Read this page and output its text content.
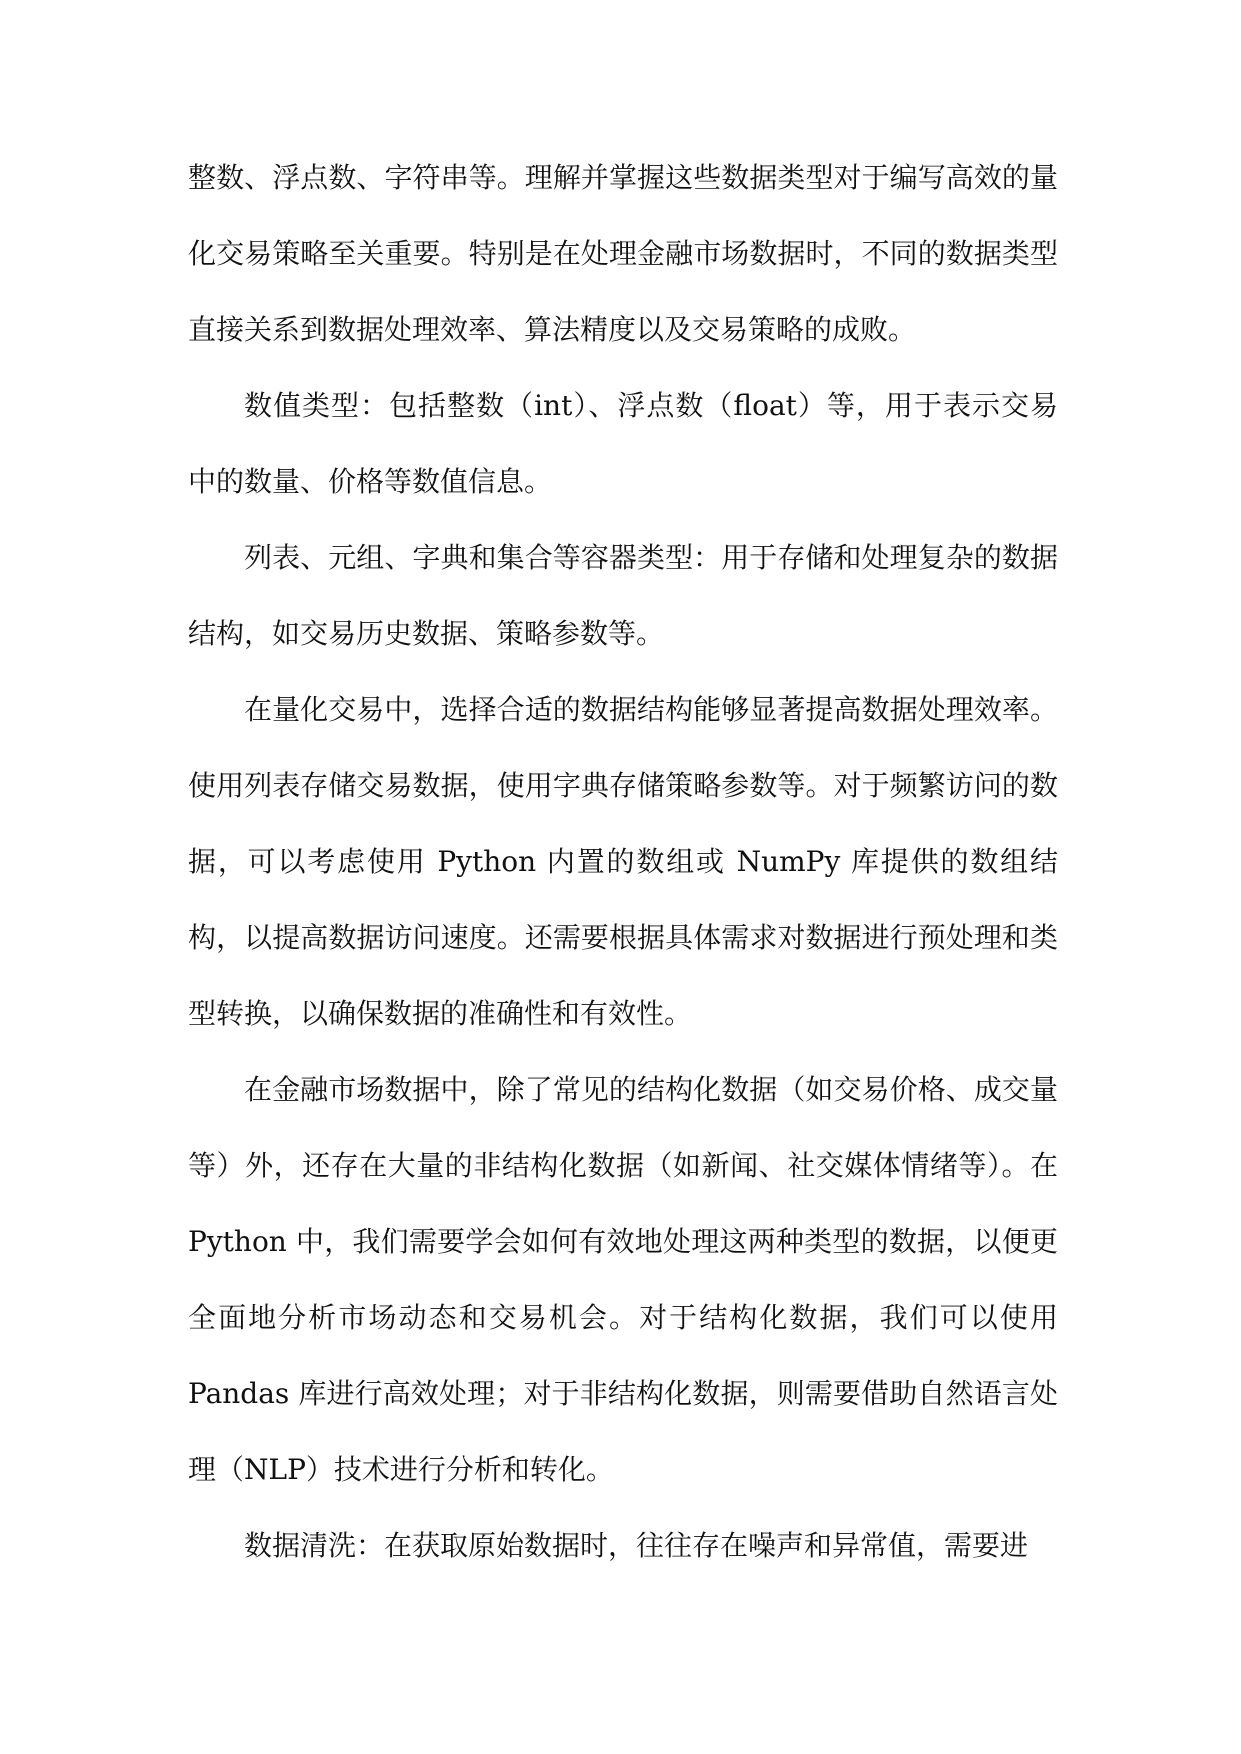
整数、浮点数、字符串等。理解并掌握这些数据类型对于编写高效的量化交易策略至关重要。特别是在处理金融市场数据时，不同的数据类型直接关系到数据处理效率、算法精度以及交易策略的成败。

数值类型：包括整数（int）、浮点数（float）等，用于表示交易中的数量、价格等数值信息。

列表、元组、字典和集合等容器类型：用于存储和处理复杂的数据结构，如交易历史数据、策略参数等。

在量化交易中，选择合适的数据结构能够显著提高数据处理效率。使用列表存储交易数据，使用字典存储策略参数等。对于频繁访问的数据，可以考虑使用 Python 内置的数组或 NumPy 库提供的数组结构，以提高数据访问速度。还需要根据具体需求对数据进行预处理和类型转换，以确保数据的准确性和有效性。

在金融市场数据中，除了常见的结构化数据（如交易价格、成交量等）外，还存在大量的非结构化数据（如新闻、社交媒体情绪等）。在 Python 中，我们需要学会如何有效地处理这两种类型的数据，以便更全面地分析市场动态和交易机会。对于结构化数据，我们可以使用 Pandas 库进行高效处理；对于非结构化数据，则需要借助自然语言处理（NLP）技术进行分析和转化。

数据清洗：在获取原始数据时，往往存在噪声和异常值，需要进
